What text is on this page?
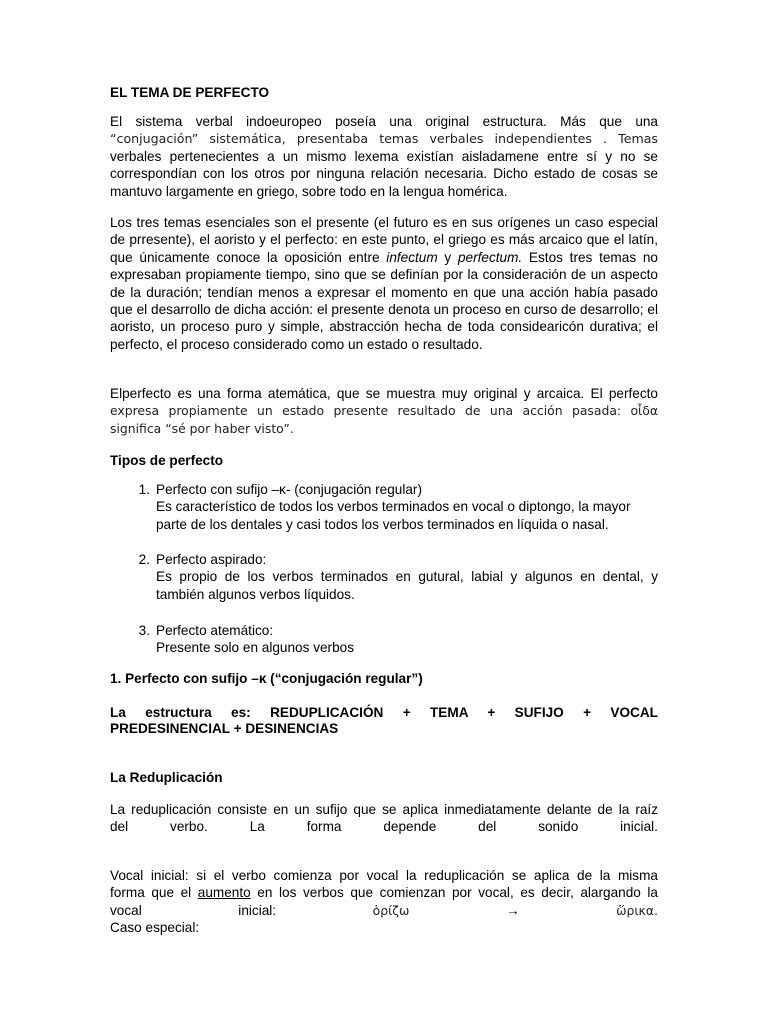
EL TEMA DE PERFECTO
El sistema verbal indoeuropeo poseía una original estructura. Más que una
“conjugación” sistemática, presentaba temas verbales independientes . Temas
verbales pertenecientes a un mismo lexema existían aisladamene entre sí y no se
correspondían con los otros por ninguna relación necesaria. Dicho estado de cosas se
mantuvo largamente en griego, sobre todo en la lengua homérica.
Los tres temas esenciales son el presente (el futuro es en sus orígenes un caso especial de prresente), el aoristo y el perfecto: en este punto, el griego es más arcaico que el latín, que únicamente conoce la oposición entre infectum y perfectum. Estos tres temas no expresaban propiamente tiempo, sino que se definían por la consideración de un aspecto de la duración; tendían menos a expresar el momento en que una acción había pasado que el desarrollo de dicha acción: el presente denota un proceso en curso de desarrollo; el aoristo, un proceso puro y simple, abstracción hecha de toda considearicón durativa; el perfecto, el proceso considerado como un estado o resultado.
Elperfecto es una forma atemática, que se muestra muy original y arcaica. El perfecto
expresa propiamente un estado presente resultado de una acción pasada: οἶδα
significa “sé por haber visto”.
Tipos de perfecto
1. Perfecto con sufijo –κ- (conjugación regular)
Es característico de todos los verbos terminados en vocal o diptongo, la mayor parte de los dentales y casi todos los verbos terminados en líquida o nasal.
2. Perfecto aspirado:
Es propio de los verbos terminados en gutural, labial y algunos en dental, y también algunos verbos líquidos.
3. Perfecto atemático:
Presente solo en algunos verbos
1. Perfecto con sufijo –κ (“conjugación regular”)
La estructura es: REDUPLICACIÓN + TEMA + SUFIJO + VOCAL
PREDESINENCIAL + DESINENCIAS
La Reduplicación
La reduplicación consiste en un sufijo que se aplica inmediatamente delante de la raíz
del	verbo.	La	forma	depende	del	sonido	inicial.
Vocal inicial: si el verbo comienza por vocal la reduplicación se aplica de la misma
forma que el aumento en los verbos que comienzan por vocal, es decir, alargando la
vocal	inicial:	ὁρίζω	→	ὥρικα.
Caso especial:
